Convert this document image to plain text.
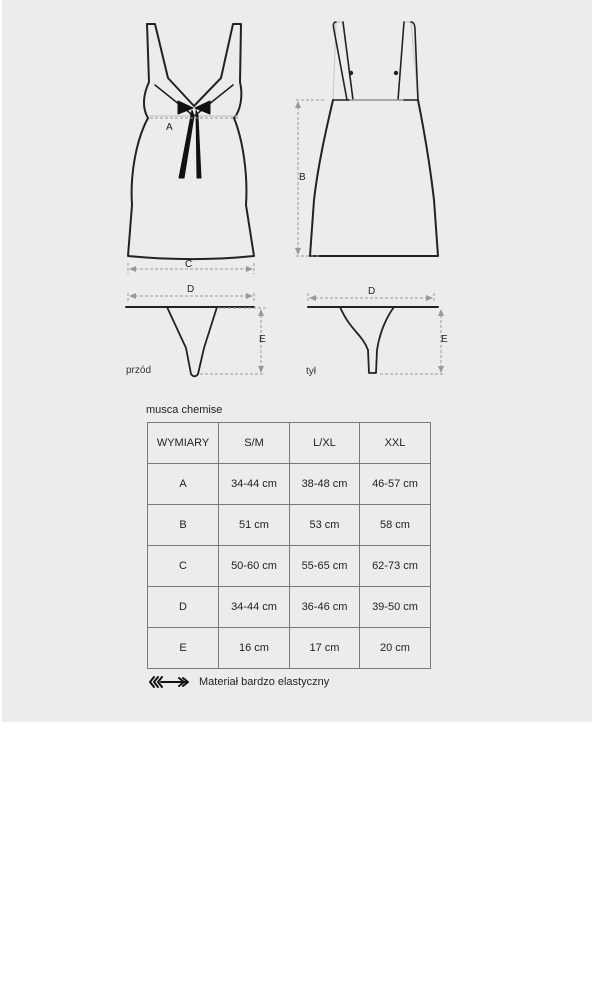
A
B
C
D	D
E	E
przód	tył
musca chemise
WYMIARY	S/M	L/XL	XXL
A	34-44 cm	38-48 cm	46-57 cm
B	51 cm	53 cm	58 cm
C	50-60 cm	55-65 cm	62-73 cm
D	34-44 cm	36-46 cm	39-50 cm
E	16 cm	17 cm	20 cm
Materiał bardzo elastyczny
